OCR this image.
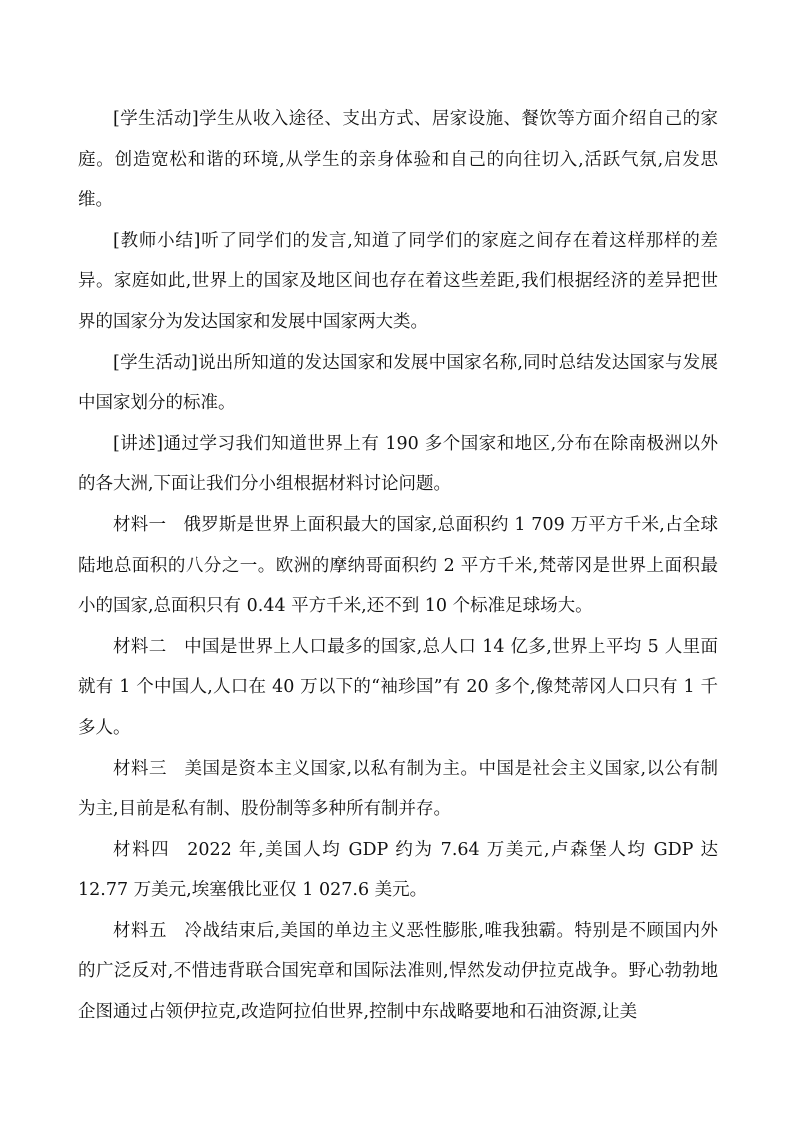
[学生活动]学生从收入途径、支出方式、居家设施、餐饮等方面介绍自己的家庭。创造宽松和谐的环境,从学生的亲身体验和自己的向往切入,活跃气氛,启发思维。

[教师小结]听了同学们的发言,知道了同学们的家庭之间存在着这样那样的差异。家庭如此,世界上的国家及地区间也存在着这些差距,我们根据经济的差异把世界的国家分为发达国家和发展中国家两大类。

[学生活动]说出所知道的发达国家和发展中国家名称,同时总结发达国家与发展中国家划分的标准。

[讲述]通过学习我们知道世界上有 190 多个国家和地区,分布在除南极洲以外的各大洲,下面让我们分小组根据材料讨论问题。

材料一 俄罗斯是世界上面积最大的国家,总面积约 1 709 万平方千米,占全球陆地总面积的八分之一。欧洲的摩纳哥面积约 2 平方千米,梵蒂冈是世界上面积最小的国家,总面积只有 0.44 平方千米,还不到 10 个标准足球场大。

材料二 中国是世界上人口最多的国家,总人口 14 亿多,世界上平均 5 人里面就有 1 个中国人,人口在 40 万以下的“袖珍国”有 20 多个,像梵蒂冈人口只有 1 千多人。

材料三 美国是资本主义国家,以私有制为主。中国是社会主义国家,以公有制为主,目前是私有制、股份制等多种所有制并存。

材料四 2022 年,美国人均 GDP 约为 7.64 万美元,卢森堡人均 GDP 达 12.77 万美元,埃塞俄比亚仅 1 027.6 美元。

材料五 冷战结束后,美国的单边主义恶性膨胀,唯我独霸。特别是不顾国内外的广泛反对,不惜违背联合国宪章和国际法准则,悍然发动伊拉克战争。野心勃勃地企图通过占领伊拉克,改造阿拉伯世界,控制中东战略要地和石油资源,让美
